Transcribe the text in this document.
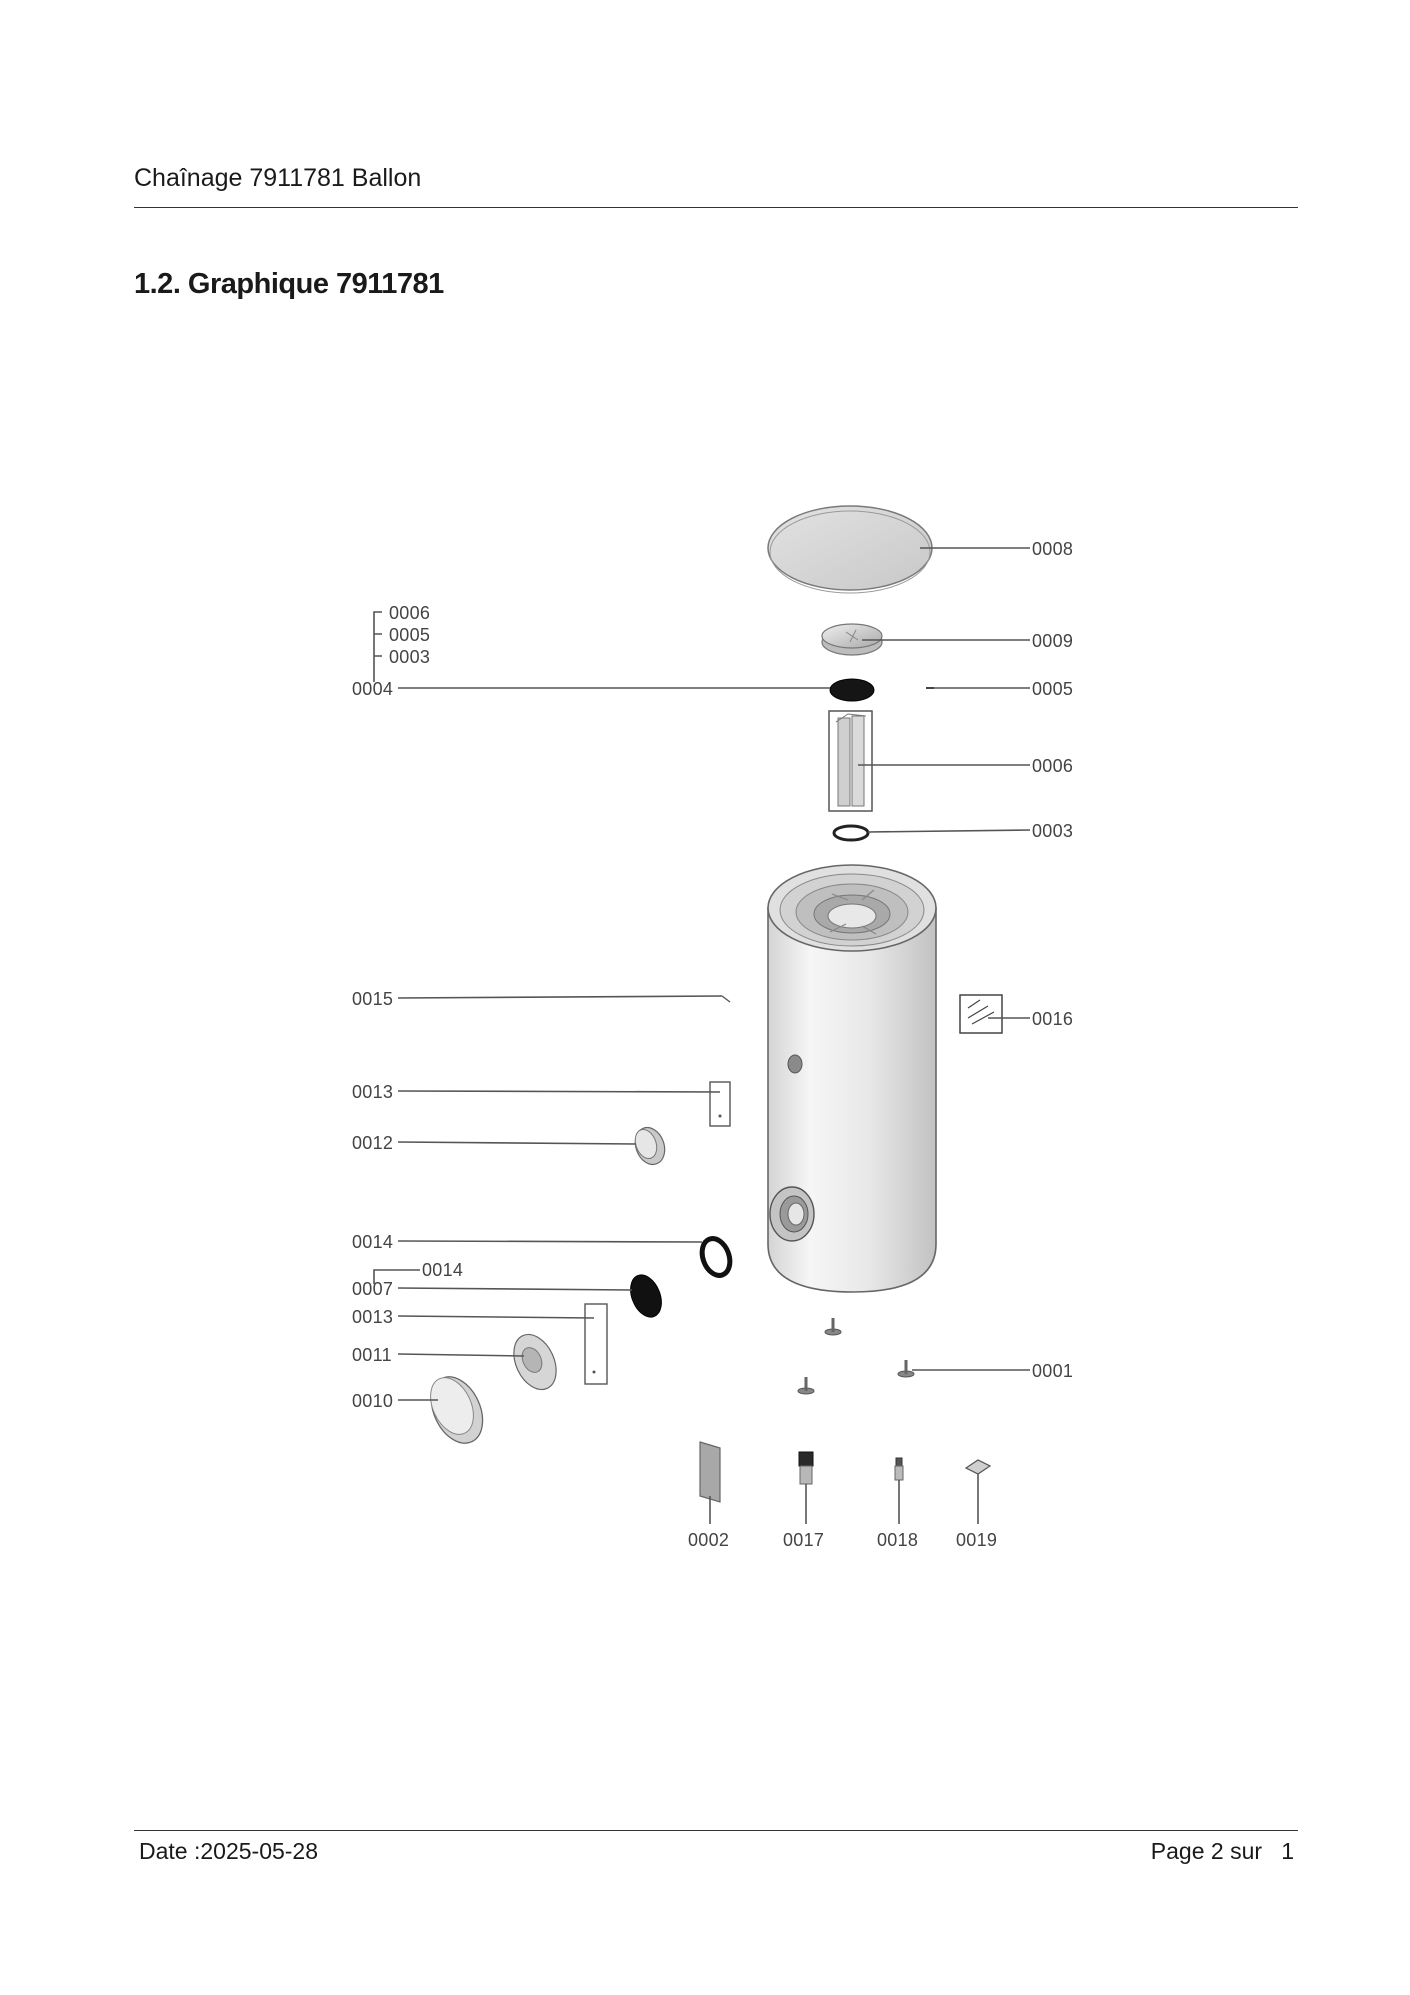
Chaînage 7911781 Ballon
1.2. Graphique 7911781
0008
0009
0004
0006
0005
0003
0005
0006
0003
0016
0015
0013
0012
0014
0014
0007
0013
0011
0010
0001
0002	0017	0018 0019
Date :2025-05-28	Page 2 sur   1
